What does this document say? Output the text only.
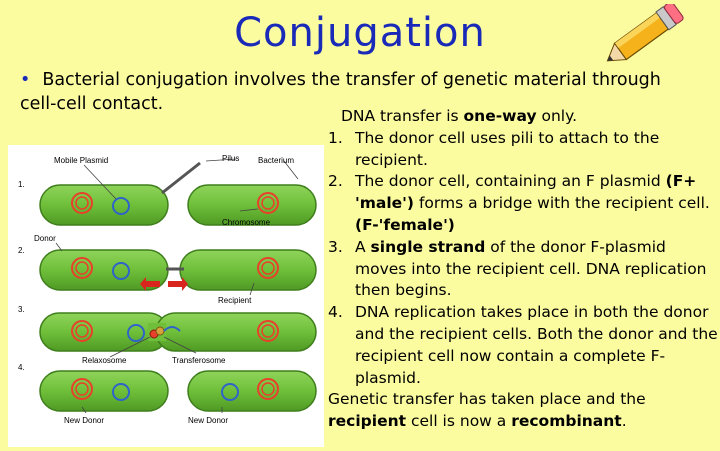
Conjugation
• Bacterial conjugation involves the transfer of genetic material through cell-cell contact.
1.
2.
3.
4.
Mobile Plasmid	Pilus Bacterium
Chromosome
Donor
Recipient
Relaxosome	Transferosome
New Donor	New Donor
DNA transfer is one-way only.
1. The donor cell uses pili to attach to the recipient.
2. The donor cell, containing an F plasmid (F+ 'male') forms a bridge with the recipient cell. (F-'female')
3. A single strand of the donor F-plasmid moves into the recipient cell. DNA replication then begins.
4. DNA replication takes place in both the donor and the recipient cells. Both the donor and the recipient cell now contain a complete F-plasmid.
Genetic transfer has taken place and the recipient cell is now a recombinant.
